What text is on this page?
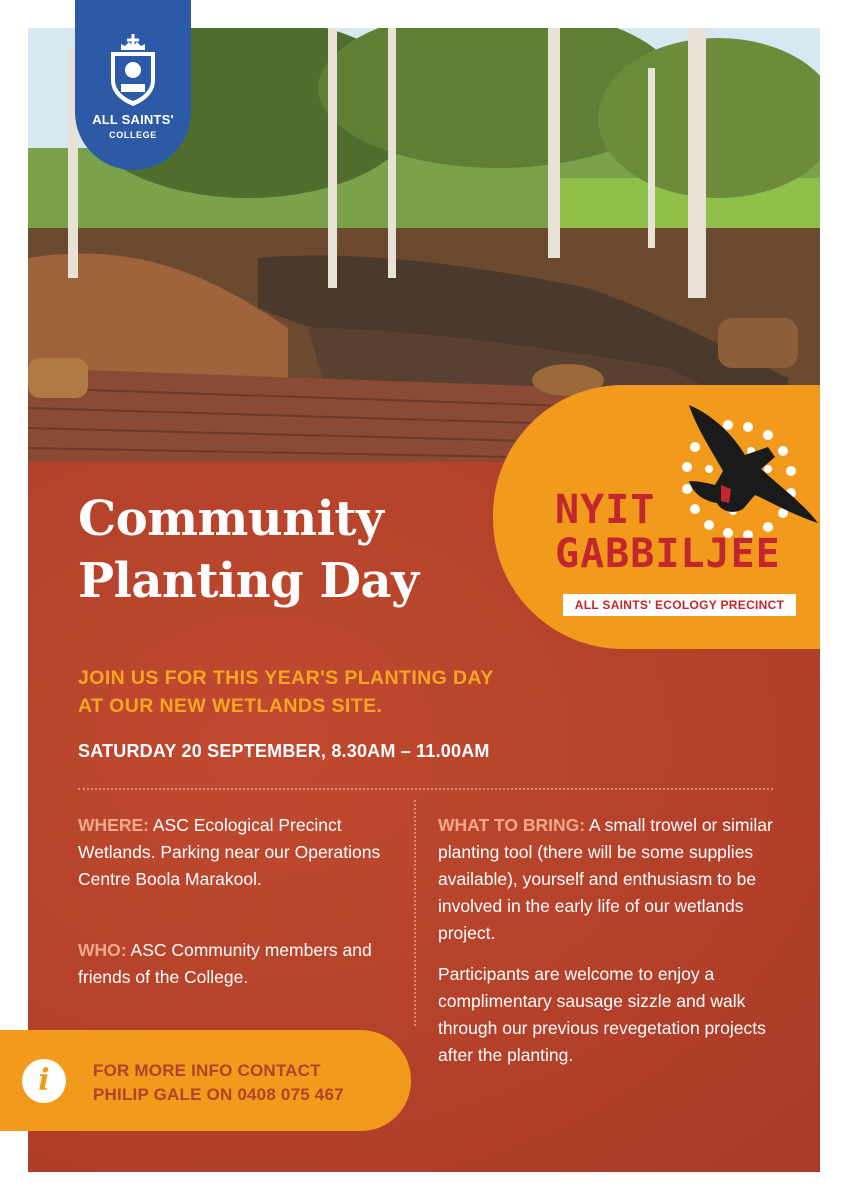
ALL SAINTS'
COLLEGE
Community
Planting Day
NYIT
GABBILJEE
ALL SAINTS' ECOLOGY PRECINCT
JOIN US FOR THIS YEAR'S PLANTING DAY
AT OUR NEW WETLANDS SITE.
SATURDAY 20 SEPTEMBER, 8.30AM – 11.00AM
WHERE: ASC Ecological Precinct Wetlands. Parking near our Operations Centre Boola Marakool.
WHO: ASC Community members and friends of the College.
WHAT TO BRING: A small trowel or similar planting tool (there will be some supplies available), yourself and enthusiasm to be involved in the early life of our wetlands project.
Participants are welcome to enjoy a complimentary sausage sizzle and walk through our previous revegetation projects after the planting.
i	FOR MORE INFO CONTACT
PHILIP GALE ON 0408 075 467
